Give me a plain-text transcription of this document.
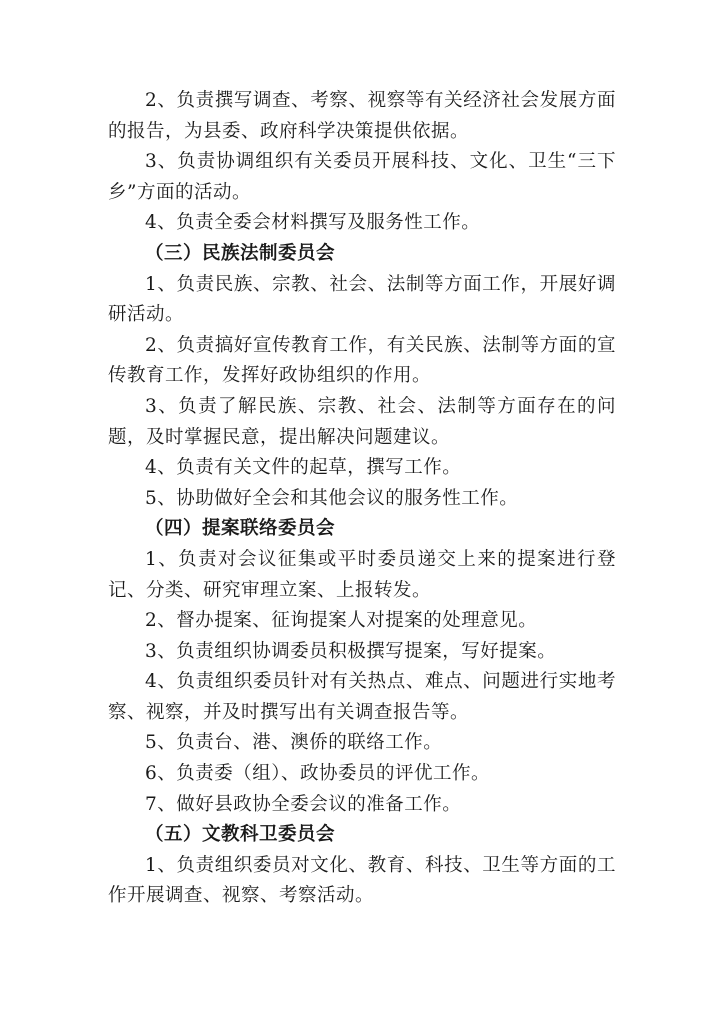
2、负责撰写调查、考察、视察等有关经济社会发展方面的报告，为县委、政府科学决策提供依据。

3、负责协调组织有关委员开展科技、文化、卫生“三下乡”方面的活动。

4、负责全委会材料撰写及服务性工作。

（三）民族法制委员会

1、负责民族、宗教、社会、法制等方面工作，开展好调研活动。

2、负责搞好宣传教育工作，有关民族、法制等方面的宣传教育工作，发挥好政协组织的作用。

3、负责了解民族、宗教、社会、法制等方面存在的问题，及时掌握民意，提出解决问题建议。

4、负责有关文件的起草，撰写工作。

5、协助做好全会和其他会议的服务性工作。

（四）提案联络委员会

1、负责对会议征集或平时委员递交上来的提案进行登记、分类、研究审理立案、上报转发。

2、督办提案、征询提案人对提案的处理意见。

3、负责组织协调委员积极撰写提案，写好提案。

4、负责组织委员针对有关热点、难点、问题进行实地考察、视察，并及时撰写出有关调查报告等。

5、负责台、港、澳侨的联络工作。

6、负责委（组）、政协委员的评优工作。

7、做好县政协全委会议的准备工作。

（五）文教科卫委员会

1、负责组织委员对文化、教育、科技、卫生等方面的工作开展调查、视察、考察活动。
